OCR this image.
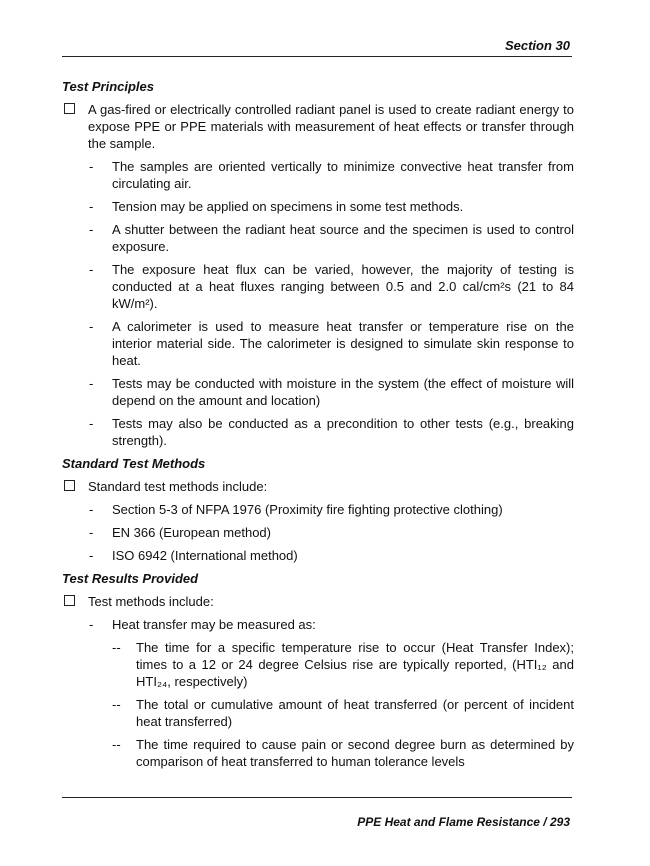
Section 30
Test Principles
A gas-fired or electrically controlled radiant panel is used to create radiant energy to expose PPE or PPE materials with measurement of heat effects or transfer through the sample.
- The samples are oriented vertically to minimize convective heat transfer from circulating air.
- Tension may be applied on specimens in some test methods.
- A shutter between the radiant heat source and the specimen is used to control exposure.
- The exposure heat flux can be varied, however, the majority of testing is conducted at a heat fluxes ranging between 0.5 and 2.0 cal/cm²s (21 to 84 kW/m²).
- A calorimeter is used to measure heat transfer or temperature rise on the interior material side. The calorimeter is designed to simulate skin response to heat.
- Tests may be conducted with moisture in the system (the effect of moisture will depend on the amount and location)
- Tests may also be conducted as a precondition to other tests (e.g., breaking strength).
Standard Test Methods
Standard test methods include:
- Section 5-3 of NFPA 1976 (Proximity fire fighting protective clothing)
- EN 366 (European method)
- ISO 6942 (International method)
Test Results Provided
Test methods include:
- Heat transfer may be measured as:
-- The time for a specific temperature rise to occur (Heat Transfer Index); times to a 12 or 24 degree Celsius rise are typically reported, (HTI₁₂ and HTI₂₄, respectively)
-- The total or cumulative amount of heat transferred (or percent of incident heat transferred)
-- The time required to cause pain or second degree burn as determined by comparison of heat transferred to human tolerance levels
PPE Heat and Flame Resistance / 293
